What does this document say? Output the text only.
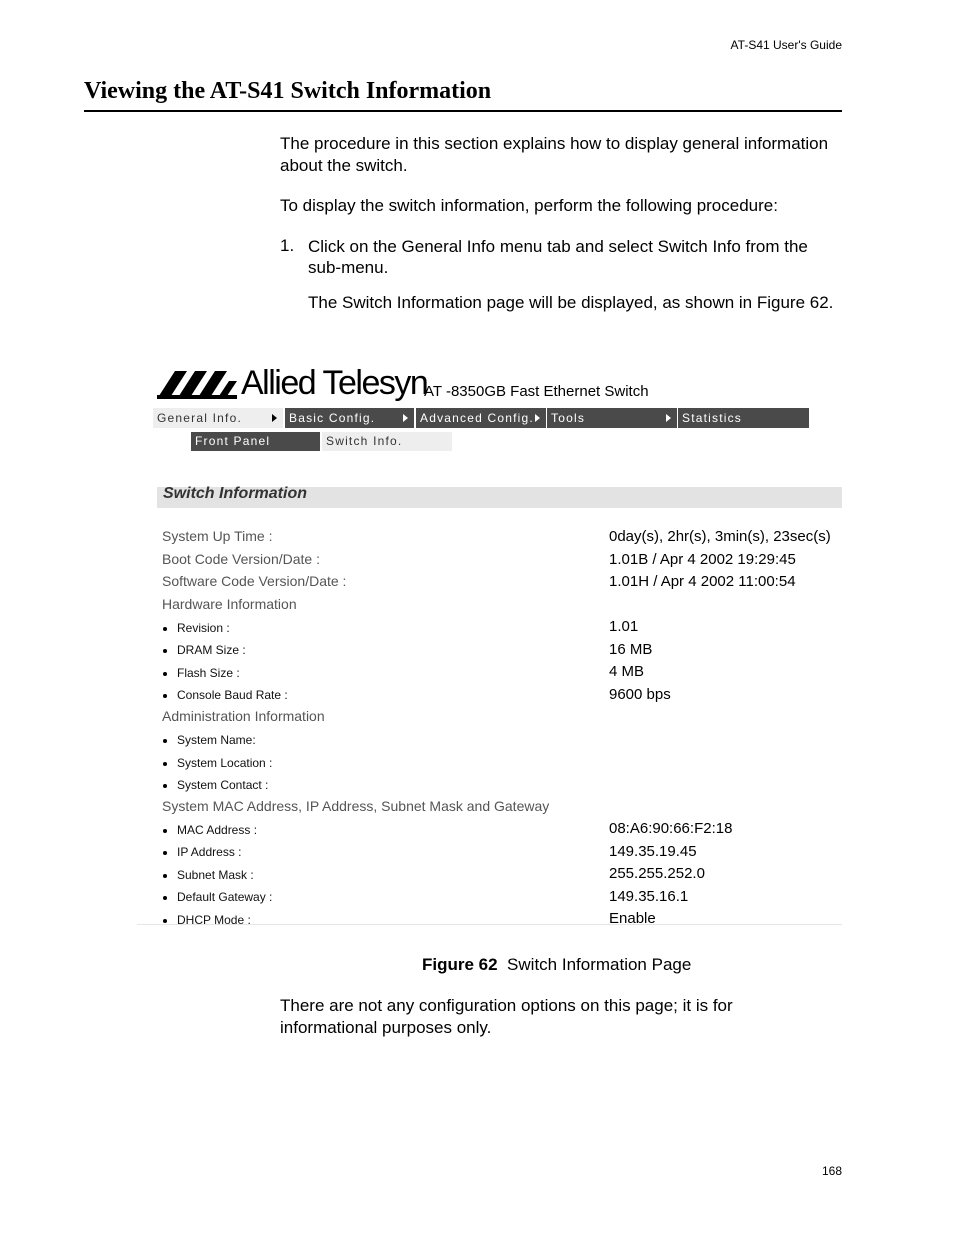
AT-S41 User's Guide
Viewing the AT-S41 Switch Information
The procedure in this section explains how to display general information about the switch.
To display the switch information, perform the following procedure:
1. Click on the General Info menu tab and select Switch Info from the sub-menu.
The Switch Information page will be displayed, as shown in Figure 62.
Allied Telesyn
AT -8350GB Fast Ethernet Switch
General Info.	Basic Config.	Advanced Config.	Tools	Statistics
Front Panel	Switch Info.
Switch Information
System Up Time :	0day(s), 2hr(s), 3min(s), 23sec(s)
Boot Code Version/Date :	1.01B / Apr 4 2002 19:29:45
Software Code Version/Date :	1.01H / Apr 4 2002 11:00:54
Hardware Information
Revision :	1.01
DRAM Size :	16 MB
Flash Size :	4 MB
Console Baud Rate :	9600 bps
Administration Information
System Name:
System Location :
System Contact :
System MAC Address, IP Address, Subnet Mask and Gateway
MAC Address :	08:A6:90:66:F2:18
IP Address :	149.35.19.45
Subnet Mask :	255.255.252.0
Default Gateway :	149.35.16.1
DHCP Mode :	Enable
Figure 62 Switch Information Page
There are not any configuration options on this page; it is for informational purposes only.
168
